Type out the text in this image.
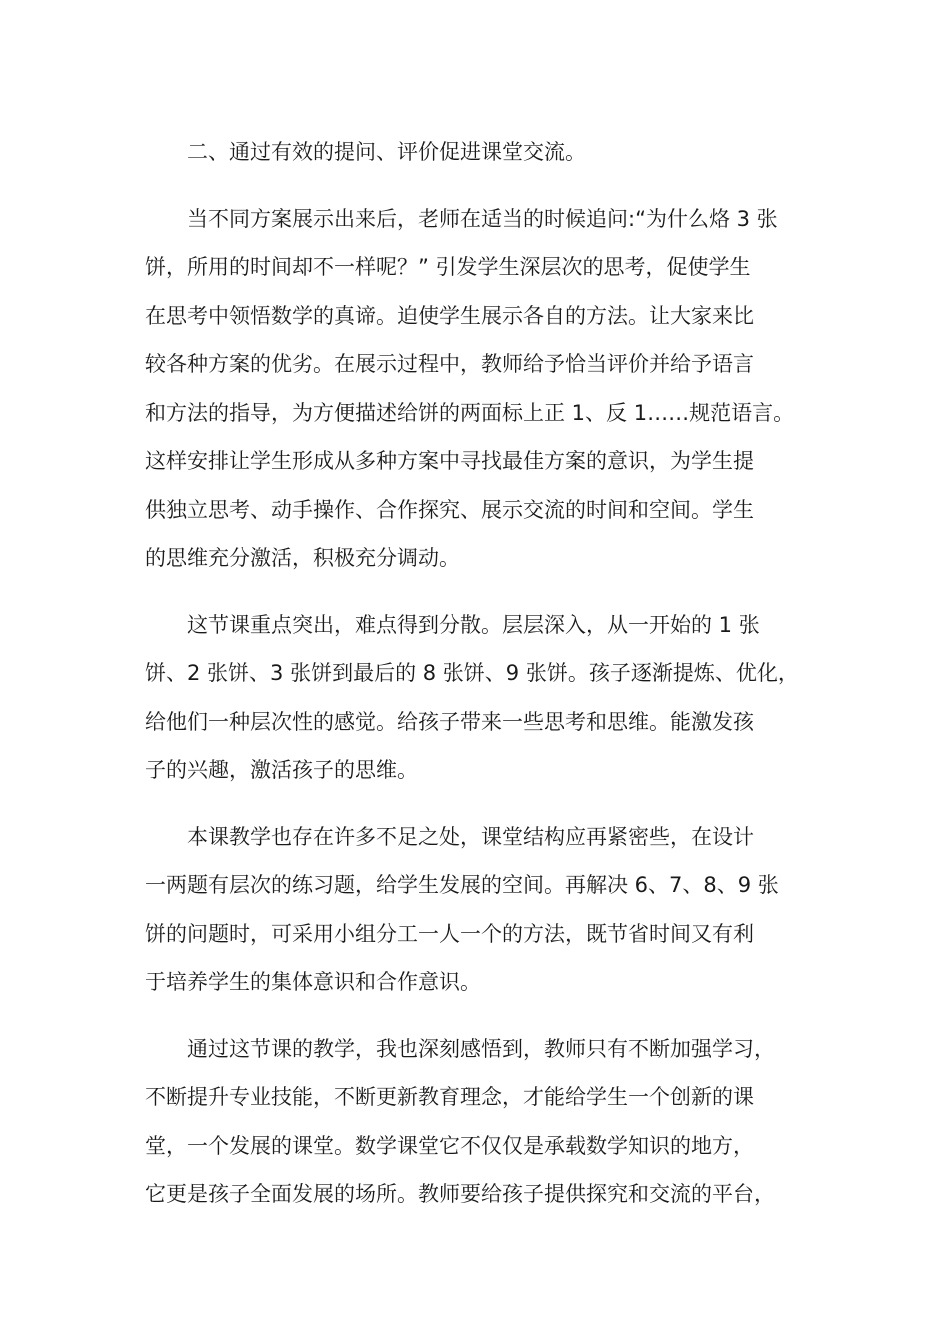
二、通过有效的提问、评价促进课堂交流。

当不同方案展示出来后，老师在适当的时候追问:“为什么烙 3 张
饼，所用的时间却不一样呢？” 引发学生深层次的思考，促使学生
在思考中领悟数学的真谛。迫使学生展示各自的方法。让大家来比
较各种方案的优劣。在展示过程中，教师给予恰当评价并给予语言
和方法的指导，为方便描述给饼的两面标上正 1、反 1……规范语言。
这样安排让学生形成从多种方案中寻找最佳方案的意识，为学生提
供独立思考、动手操作、合作探究、展示交流的时间和空间。学生
的思维充分激活，积极充分调动。

这节课重点突出，难点得到分散。层层深入，从一开始的 1 张
饼、2 张饼、3 张饼到最后的 8 张饼、9 张饼。孩子逐渐提炼、优化，
给他们一种层次性的感觉。给孩子带来一些思考和思维。能激发孩
子的兴趣，激活孩子的思维。

本课教学也存在许多不足之处，课堂结构应再紧密些，在设计
一两题有层次的练习题，给学生发展的空间。再解决 6、7、8、9 张
饼的问题时，可采用小组分工一人一个的方法，既节省时间又有利
于培养学生的集体意识和合作意识。

通过这节课的教学，我也深刻感悟到，教师只有不断加强学习，
不断提升专业技能，不断更新教育理念，才能给学生一个创新的课
堂，一个发展的课堂。数学课堂它不仅仅是承载数学知识的地方，
它更是孩子全面发展的场所。教师要给孩子提供探究和交流的平台，
